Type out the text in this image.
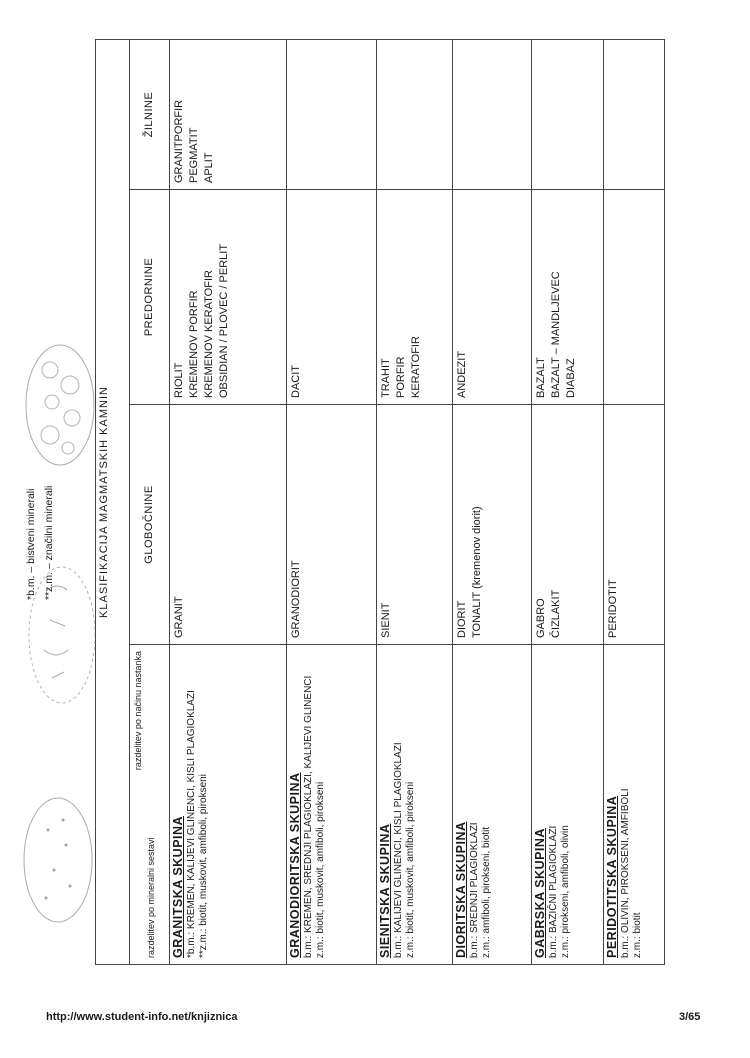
KLASIFIKACIJA MAGMATSKIH KAMNIN			

razdelitev po načinu nastanka
razdelitev po mineralni sestavi	GLOBOČNINE	PREDORNINE	ŽILNINE

GRANITSKA SKUPINA *b.m.: KREMEN, KALIJEVI GLINENCI, KISLI PLAGIOKLAZI **z.m.: biotit, muskovit, amfiboli, pirokseni	GRANIT	RIOLIT KREMENOV PORFIR KREMENOV KERATOFIR OBSIDIAN / PLOVEC / PERLIT	GRANITPORFIR PEGMATIT APLIT

GRANODIORITSKA SKUPINA b.m.: KREMEN, SREDNJI PLAGIOKLAZI, KALIJEVI GLINENCI z.m.: biotit, muskovit, amfiboli, pirokseni	GRANODIORIT	DACIT	

SIENITSKA SKUPINA b.m.: KALIJEVI GLINENCI, KISLI PLAGIOKLAZI z.m.: biotit, muskovit, amfiboli, pirokseni	SIENIT	TRAHIT PORFIR KERATOFIR	

DIORITSKA SKUPINA b.m.: SREDNJI PLAGIOKLAZI z.m.: amfiboli, pirokseni, biotit	DIORIT TONALIT (kremenov diorit)	ANDEZIT	

GABRSKA SKUPINA b.m.: BAZIČNI PLAGIOKLAZI z.m.: pirokseni, amfiboli, olivin	GABRO ČIZLAKIT	BAZALT BAZALT – MANDLJEVEC DIABAZ	

PERIDOTITSKA SKUPINA b.m.: OLIVIN, PIROKSENI, AMFIBOLI z.m.: biotit	PERIDOTIT		

*b.m. – bistveni minerali **z.m. – značilni minerali
http://www.student-info.net/knjiznica	3/65
